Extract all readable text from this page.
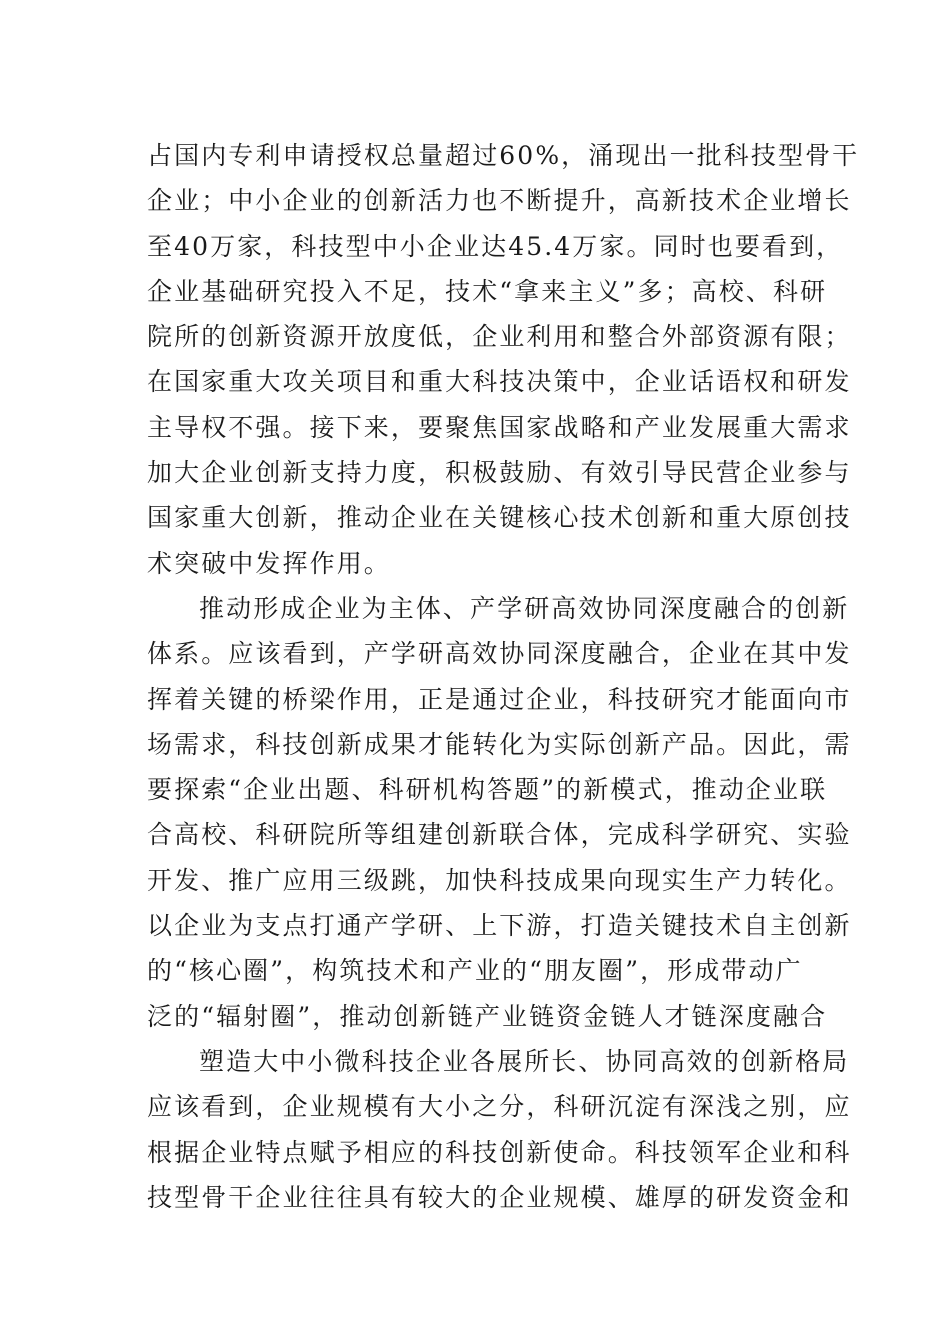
占国内专利申请授权总量超过60%，涌现出一批科技型骨干
企业；中小企业的创新活力也不断提升，高新技术企业增长
至40万家，科技型中小企业达45.4万家。同时也要看到，
企业基础研究投入不足，技术“拿来主义”多；高校、科研
院所的创新资源开放度低，企业利用和整合外部资源有限；
在国家重大攻关项目和重大科技决策中，企业话语权和研发
主导权不强。接下来，要聚焦国家战略和产业发展重大需求
加大企业创新支持力度，积极鼓励、有效引导民营企业参与
国家重大创新，推动企业在关键核心技术创新和重大原创技
术突破中发挥作用。
推动形成企业为主体、产学研高效协同深度融合的创新
体系。应该看到，产学研高效协同深度融合，企业在其中发
挥着关键的桥梁作用，正是通过企业，科技研究才能面向市
场需求，科技创新成果才能转化为实际创新产品。因此，需
要探索“企业出题、科研机构答题”的新模式，推动企业联
合高校、科研院所等组建创新联合体，完成科学研究、实验
开发、推广应用三级跳，加快科技成果向现实生产力转化。
以企业为支点打通产学研、上下游，打造关键技术自主创新
的“核心圈”，构筑技术和产业的“朋友圈”，形成带动广
泛的“辐射圈”，推动创新链产业链资金链人才链深度融合
塑造大中小微科技企业各展所长、协同高效的创新格局
应该看到，企业规模有大小之分，科研沉淀有深浅之别，应
根据企业特点赋予相应的科技创新使命。科技领军企业和科
技型骨干企业往往具有较大的企业规模、雄厚的研发资金和
